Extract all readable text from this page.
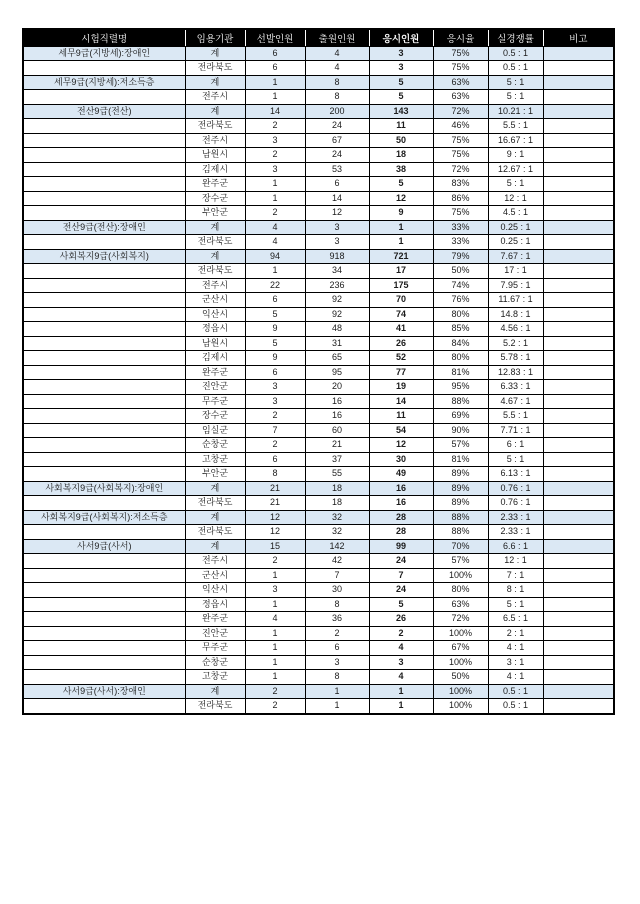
시험직렬명	임용기관	선발인원	출원인원	응시인원	응시율	실경쟁률	비고
세무9급(지방세):장애인	계	6	4	3	75%	0.5 : 1	
	전라북도	6	4	3	75%	0.5 : 1	
세무9급(지방세):저소득층	계	1	8	5	63%	5 : 1	
	전주시	1	8	5	63%	5 : 1	
전산9급(전산)	계	14	200	143	72%	10.21 : 1	
	전라북도	2	24	11	46%	5.5 : 1	
	전주시	3	67	50	75%	16.67 : 1	
	남원시	2	24	18	75%	9 : 1	
	김제시	3	53	38	72%	12.67 : 1	
	완주군	1	6	5	83%	5 : 1	
	장수군	1	14	12	86%	12 : 1	
	부안군	2	12	9	75%	4.5 : 1	
전산9급(전산):장애인	계	4	3	1	33%	0.25 : 1	
	전라북도	4	3	1	33%	0.25 : 1	
사회복지9급(사회복지)	계	94	918	721	79%	7.67 : 1	
	전라북도	1	34	17	50%	17 : 1	
	전주시	22	236	175	74%	7.95 : 1	
	군산시	6	92	70	76%	11.67 : 1	
	익산시	5	92	74	80%	14.8 : 1	
	정읍시	9	48	41	85%	4.56 : 1	
	남원시	5	31	26	84%	5.2 : 1	
	김제시	9	65	52	80%	5.78 : 1	
	완주군	6	95	77	81%	12.83 : 1	
	진안군	3	20	19	95%	6.33 : 1	
	무주군	3	16	14	88%	4.67 : 1	
	장수군	2	16	11	69%	5.5 : 1	
	임실군	7	60	54	90%	7.71 : 1	
	순창군	2	21	12	57%	6 : 1	
	고창군	6	37	30	81%	5 : 1	
	부안군	8	55	49	89%	6.13 : 1	
사회복지9급(사회복지):장애인	계	21	18	16	89%	0.76 : 1	
	전라북도	21	18	16	89%	0.76 : 1	
사회복지9급(사회복지):저소득층	계	12	32	28	88%	2.33 : 1	
	전라북도	12	32	28	88%	2.33 : 1	
사서9급(사서)	계	15	142	99	70%	6.6 : 1	
	전주시	2	42	24	57%	12 : 1	
	군산시	1	7	7	100%	7 : 1	
	익산시	3	30	24	80%	8 : 1	
	정읍시	1	8	5	63%	5 : 1	
	완주군	4	36	26	72%	6.5 : 1	
	진안군	1	2	2	100%	2 : 1	
	무주군	1	6	4	67%	4 : 1	
	순창군	1	3	3	100%	3 : 1	
	고창군	1	8	4	50%	4 : 1	
사서9급(사서):장애인	계	2	1	1	100%	0.5 : 1	
	전라북도	2	1	1	100%	0.5 : 1	
